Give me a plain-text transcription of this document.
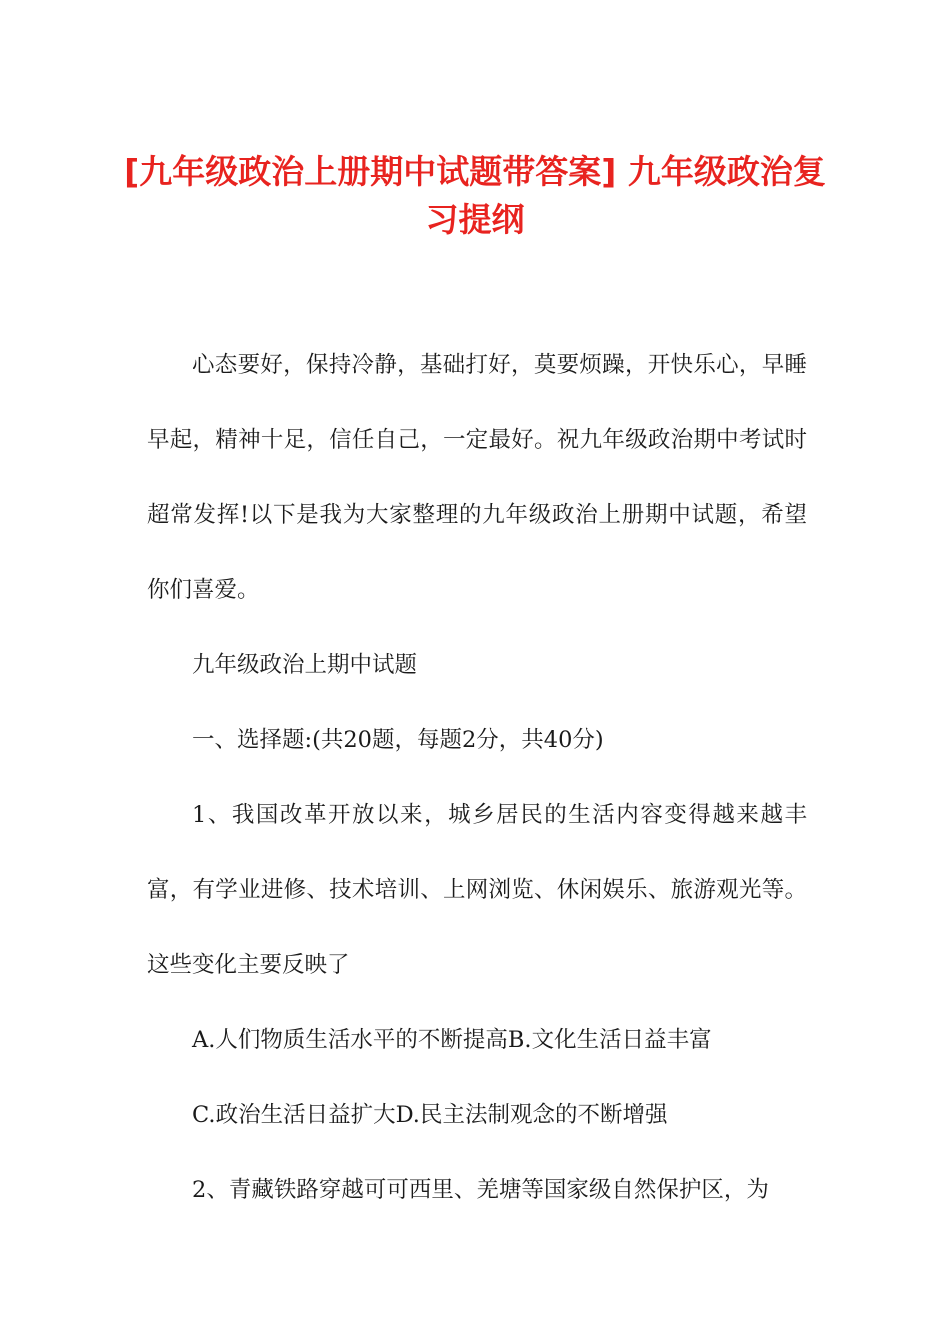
[九年级政治上册期中试题带答案] 九年级政治复习提纲

心态要好，保持冷静，基础打好，莫要烦躁，开快乐心，早睡早起，精神十足，信任自己，一定最好。祝九年级政治期中考试时超常发挥!以下是我为大家整理的九年级政治上册期中试题，希望你们喜爱。

九年级政治上期中试题

一、选择题:(共20题，每题2分，共40分)

1、我国改革开放以来，城乡居民的生活内容变得越来越丰富，有学业进修、技术培训、上网浏览、休闲娱乐、旅游观光等。这些变化主要反映了

A.人们物质生活水平的不断提高B.文化生活日益丰富

C.政治生活日益扩大D.民主法制观念的不断增强

2、青藏铁路穿越可可西里、羌塘等国家级自然保护区，为
